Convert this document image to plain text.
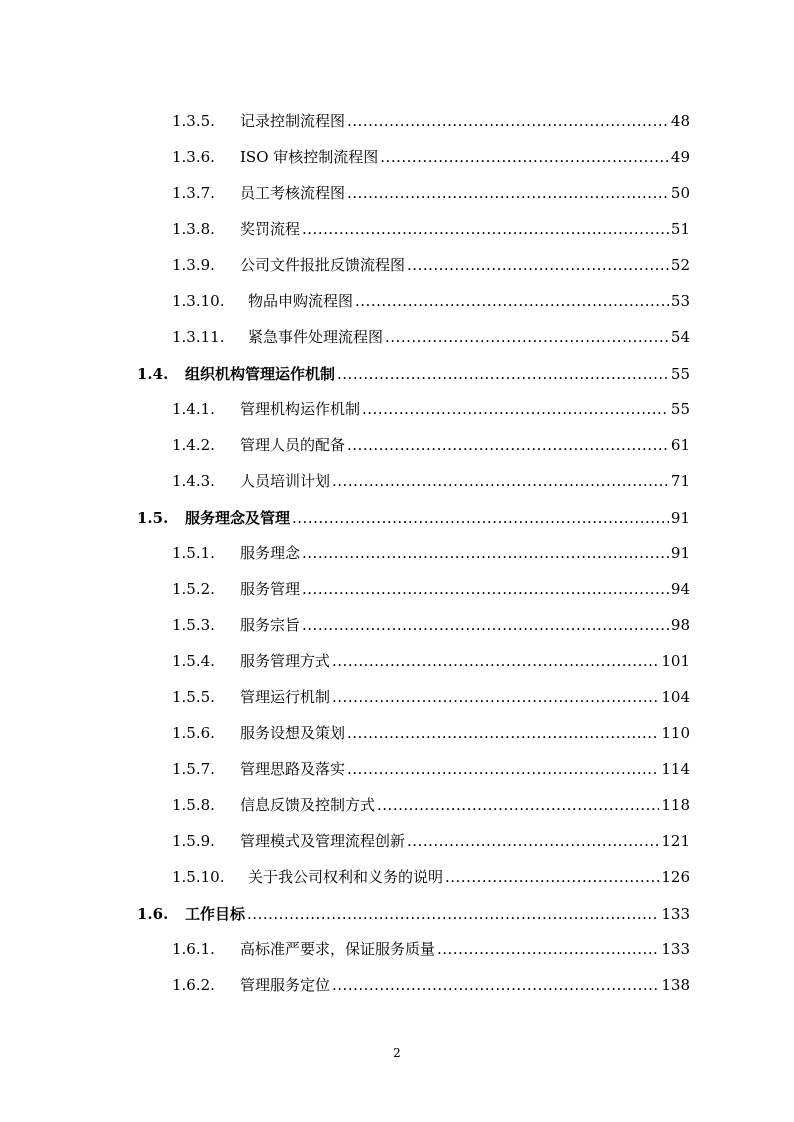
1.3.5.	记录控制流程图 .....	48
1.3.6.	ISO 审核控制流程图 .....	49
1.3.7.	员工考核流程图 .....	50
1.3.8.	奖罚流程 .....	51
1.3.9.	公司文件报批反馈流程图 .....	52
1.3.10.	物品申购流程图 .....	53
1.3.11.	紧急事件处理流程图 .....	54
1.4.	组织机构管理运作机制 .....	55
1.4.1.	管理机构运作机制 .....	55
1.4.2.	管理人员的配备 .....	61
1.4.3.	人员培训计划 .....	71
1.5.	服务理念及管理 .....	91
1.5.1.	服务理念 .....	91
1.5.2.	服务管理 .....	94
1.5.3.	服务宗旨 .....	98
1.5.4.	服务管理方式 .....	101
1.5.5.	管理运行机制 .....	104
1.5.6.	服务设想及策划 .....	110
1.5.7.	管理思路及落实 .....	114
1.5.8.	信息反馈及控制方式 .....	118
1.5.9.	管理模式及管理流程创新 .....	121
1.5.10.	关于我公司权利和义务的说明 .....	126
1.6.	工作目标 .....	133
1.6.1.	高标准严要求，保证服务质量 .....	133
1.6.2.	管理服务定位 .....	138
2
